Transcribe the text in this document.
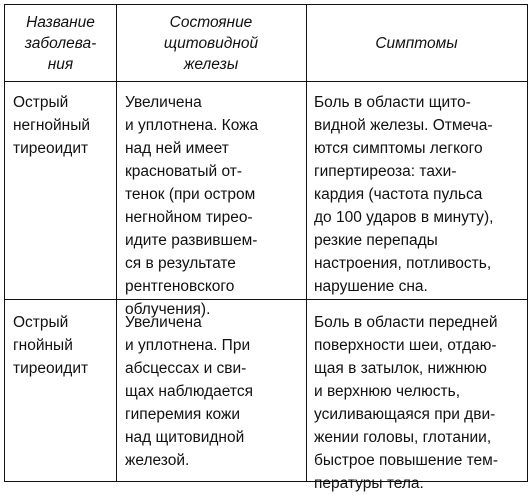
Название
заболева-
ния
Состояние
щитовидной
железы
Симптомы
Острый
негнойный
тиреоидит
Увеличена
и уплотнена. Кожа
над ней имеет
красноватый от-
тенок (при остром
негнойном тирео-
идите развившем-
ся в результате
рентгеновского
облучения).
Боль в области щито-
видной железы. Отмеча-
ются симптомы легкого
гипертиреоза: тахи-
кардия (частота пульса
до 100 ударов в минуту),
резкие перепады
настроения, потливость,
нарушение сна.
Острый
гнойный
тиреоидит
Увеличена
и уплотнена. При
абсцессах и сви-
щах наблюдается
гиперемия кожи
над щитовидной
железой.
Боль в области передней
поверхности шеи, отдаю-
щая в затылок, нижнюю
и верхнюю челюсть,
усиливающаяся при дви-
жении головы, глотании,
быстрое повышение тем-
пературы тела.
